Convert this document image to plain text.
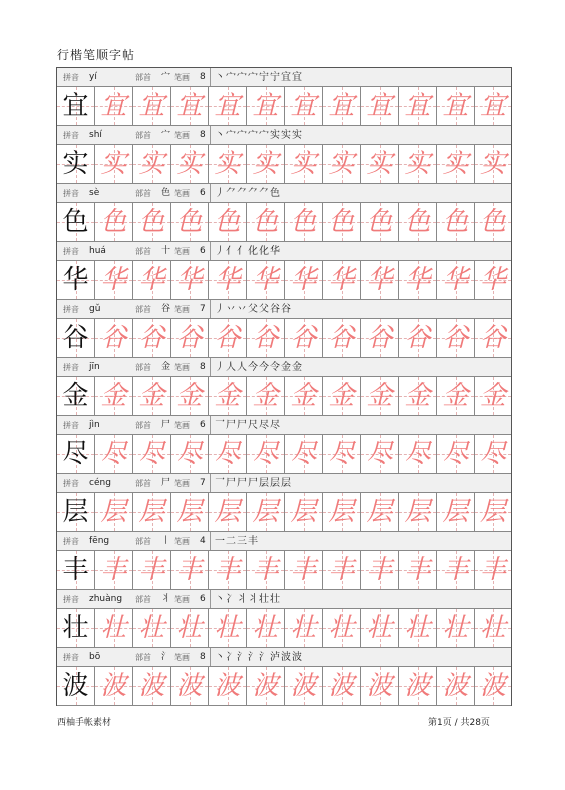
行楷笔顺字帖
拼音 yí	部首 宀 笔画 8 丶宀宀宀宁宁宜宜
宜 宜 宜 宜 宜 宜 宜 宜 宜 宜 宜 宜
拼音 shí	部首 宀 笔画 8 丶宀宀宀宀实实实
实 实 实 实 实 实 实 实 实 实 实 实
拼音 sè	部首 色 笔画 6 丿⺈⺈⺈⺈色
色 色 色 色 色 色 色 色 色 色 色 色
拼音 huá	部首 十 笔画 6 丿亻亻化化华
华 华 华 华 华 华 华 华 华 华 华 华
拼音 gǔ	部首 谷 笔画 7 丿丷丷父父谷谷
谷 谷 谷 谷 谷 谷 谷 谷 谷 谷 谷 谷
拼音 jīn	部首 金 笔画 8 丿人人今今令金金
金 金 金 金 金 金 金 金 金 金 金 金
拼音 jìn	部首 尸 笔画 6 乛尸尸尺尽尽
尽 尽 尽 尽 尽 尽 尽 尽 尽 尽 尽 尽
拼音 céng	部首 尸 笔画 7 乛尸尸尸层层层
层 层 层 层 层 层 层 层 层 层 层 层
拼音 fēng	部首 丨 笔画 4 一二三丰
丰 丰 丰 丰 丰 丰 丰 丰 丰 丰 丰 丰
拼音 zhuàng 部首 丬 笔画 6 丶冫丬丬壮壮
壮 壮 壮 壮 壮 壮 壮 壮 壮 壮 壮 壮
拼音 bō	部首 氵 笔画 8 丶冫氵氵氵泸波波
波 波 波 波 波 波 波 波 波 波 波 波
西柚手帐素材	第1页 / 共28页
